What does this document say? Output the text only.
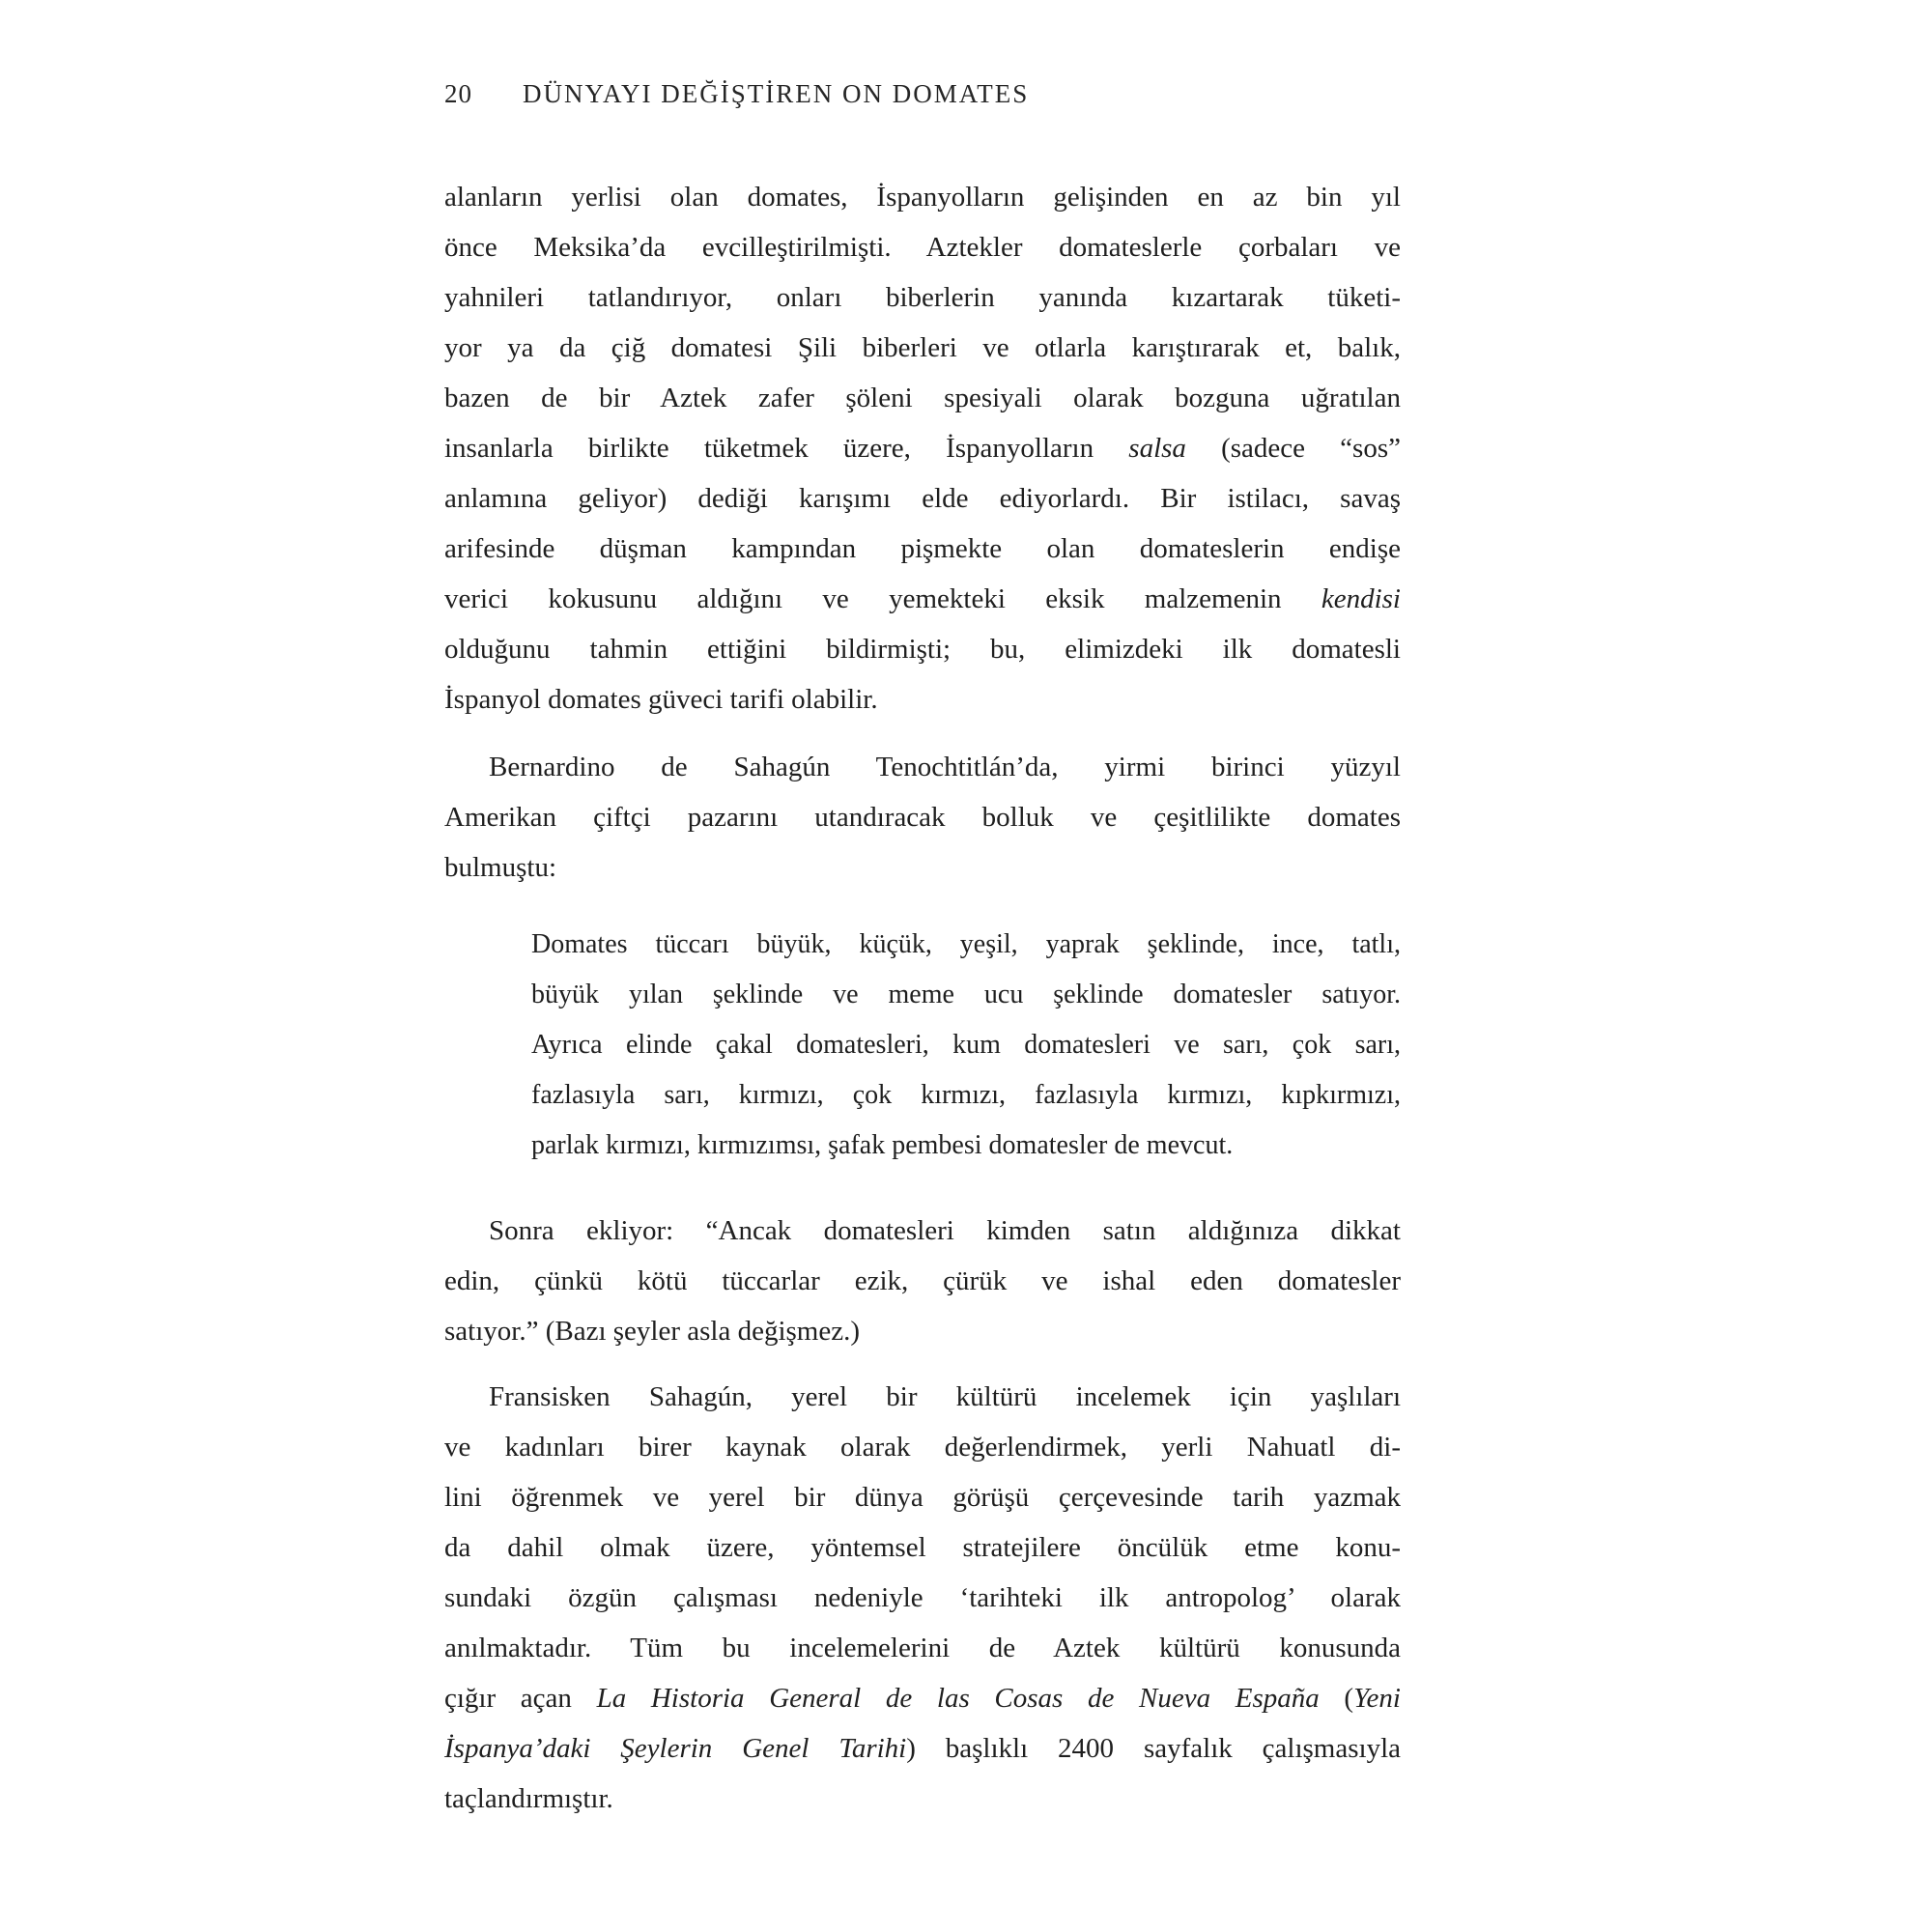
20 DÜNYAYI DEĞİŞTİREN ON DOMATES
alanların yerlisi olan domates, İspanyolların gelişinden en az bin yıl
önce Meksika’da evcilleştirilmişti. Aztekler domateslerle çorbaları ve
yahnileri tatlandırıyor, onları biberlerin yanında kızartarak tüketi-
yor ya da çiğ domatesi Şili biberleri ve otlarla karıştırarak et, balık,
bazen de bir Aztek zafer şöleni spesiyali olarak bozguna uğratılan
insanlarla birlikte tüketmek üzere, İspanyolların salsa (sadece “sos”
anlamına geliyor) dediği karışımı elde ediyorlardı. Bir istilacı, savaş
arifesinde düşman kampından pişmekte olan domateslerin endişe
verici kokusunu aldığını ve yemekteki eksik malzemenin kendisi
olduğunu tahmin ettiğini bildirmişti; bu, elimizdeki ilk domatesli
İspanyol domates güveci tarifi olabilir.
Bernardino de Sahagún Tenochtitlán’da, yirmi birinci yüzyıl
Amerikan çiftçi pazarını utandıracak bolluk ve çeşitlilikte domates
bulmuştu:
Domates tüccarı büyük, küçük, yeşil, yaprak şeklinde, ince, tatlı,
büyük yılan şeklinde ve meme ucu şeklinde domatesler satıyor.
Ayrıca elinde çakal domatesleri, kum domatesleri ve sarı, çok sarı,
fazlasıyla sarı, kırmızı, çok kırmızı, fazlasıyla kırmızı, kıpkırmızı,
parlak kırmızı, kırmızımsı, şafak pembesi domatesler de mevcut.
Sonra ekliyor: “Ancak domatesleri kimden satın aldığınıza dikkat
edin, çünkü kötü tüccarlar ezik, çürük ve ishal eden domatesler
satıyor.” (Bazı şeyler asla değişmez.)
Fransisken Sahagún, yerel bir kültürü incelemek için yaşlıları
ve kadınları birer kaynak olarak değerlendirmek, yerli Nahuatl di-
lini öğrenmek ve yerel bir dünya görüşü çerçevesinde tarih yazmak
da dahil olmak üzere, yöntemsel stratejilere öncülük etme konu-
sundaki özgün çalışması nedeniyle ‘tarihteki ilk antropolog’ olarak
anılmaktadır. Tüm bu incelemelerini de Aztek kültürü konusunda
çığır açan La Historia General de las Cosas de Nueva España (Yeni
İspanya’daki Şeylerin Genel Tarihi) başlıklı 2400 sayfalık çalışmasıyla
taçlandırmıştır.
